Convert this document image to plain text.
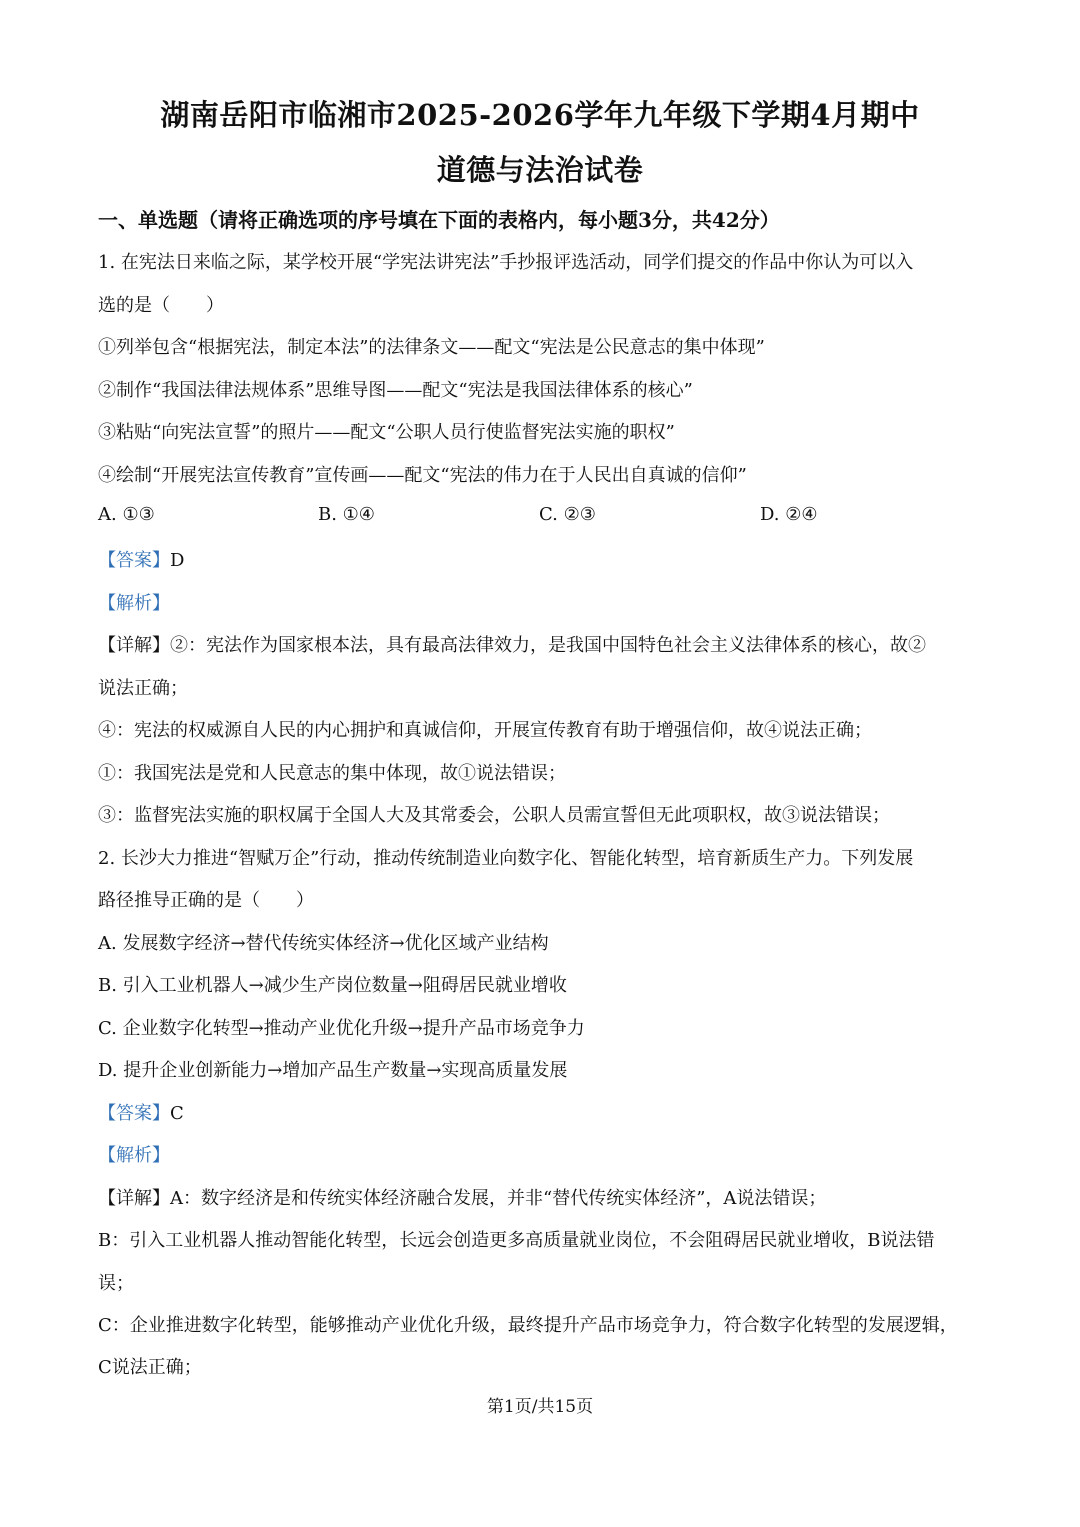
湖南岳阳市临湘市2025-2026学年九年级下学期4月期中
道德与法治试卷
一、单选题（请将正确选项的序号填在下面的表格内，每小题3分，共42分）
1. 在宪法日来临之际，某学校开展“学宪法讲宪法”手抄报评选活动，同学们提交的作品中你认为可以入
选的是（　　）
①列举包含“根据宪法，制定本法”的法律条文——配文“宪法是公民意志的集中体现”
②制作“我国法律法规体系”思维导图——配文“宪法是我国法律体系的核心”
③粘贴“向宪法宣誓”的照片——配文“公职人员行使监督宪法实施的职权”
④绘制“开展宪法宣传教育”宣传画——配文“宪法的伟力在于人民出自真诚的信仰”
A. ①③	B. ①④	C. ②③	D. ②④
【答案】D
【解析】
【详解】②：宪法作为国家根本法，具有最高法律效力，是我国中国特色社会主义法律体系的核心，故②
说法正确；
④：宪法的权威源自人民的内心拥护和真诚信仰，开展宣传教育有助于增强信仰，故④说法正确；
①：我国宪法是党和人民意志的集中体现，故①说法错误；
③：监督宪法实施的职权属于全国人大及其常委会，公职人员需宣誓但无此项职权，故③说法错误；
2. 长沙大力推进“智赋万企”行动，推动传统制造业向数字化、智能化转型，培育新质生产力。下列发展
路径推导正确的是（　　）
A. 发展数字经济→替代传统实体经济→优化区域产业结构
B. 引入工业机器人→减少生产岗位数量→阻碍居民就业增收
C. 企业数字化转型→推动产业优化升级→提升产品市场竞争力
D. 提升企业创新能力→增加产品生产数量→实现高质量发展
【答案】C
【解析】
【详解】A：数字经济是和传统实体经济融合发展，并非“替代传统实体经济”，A说法错误；
B：引入工业机器人推动智能化转型，长远会创造更多高质量就业岗位，不会阻碍居民就业增收，B说法错
误；
C：企业推进数字化转型，能够推动产业优化升级，最终提升产品市场竞争力，符合数字化转型的发展逻辑，
C说法正确；
第1页/共15页
